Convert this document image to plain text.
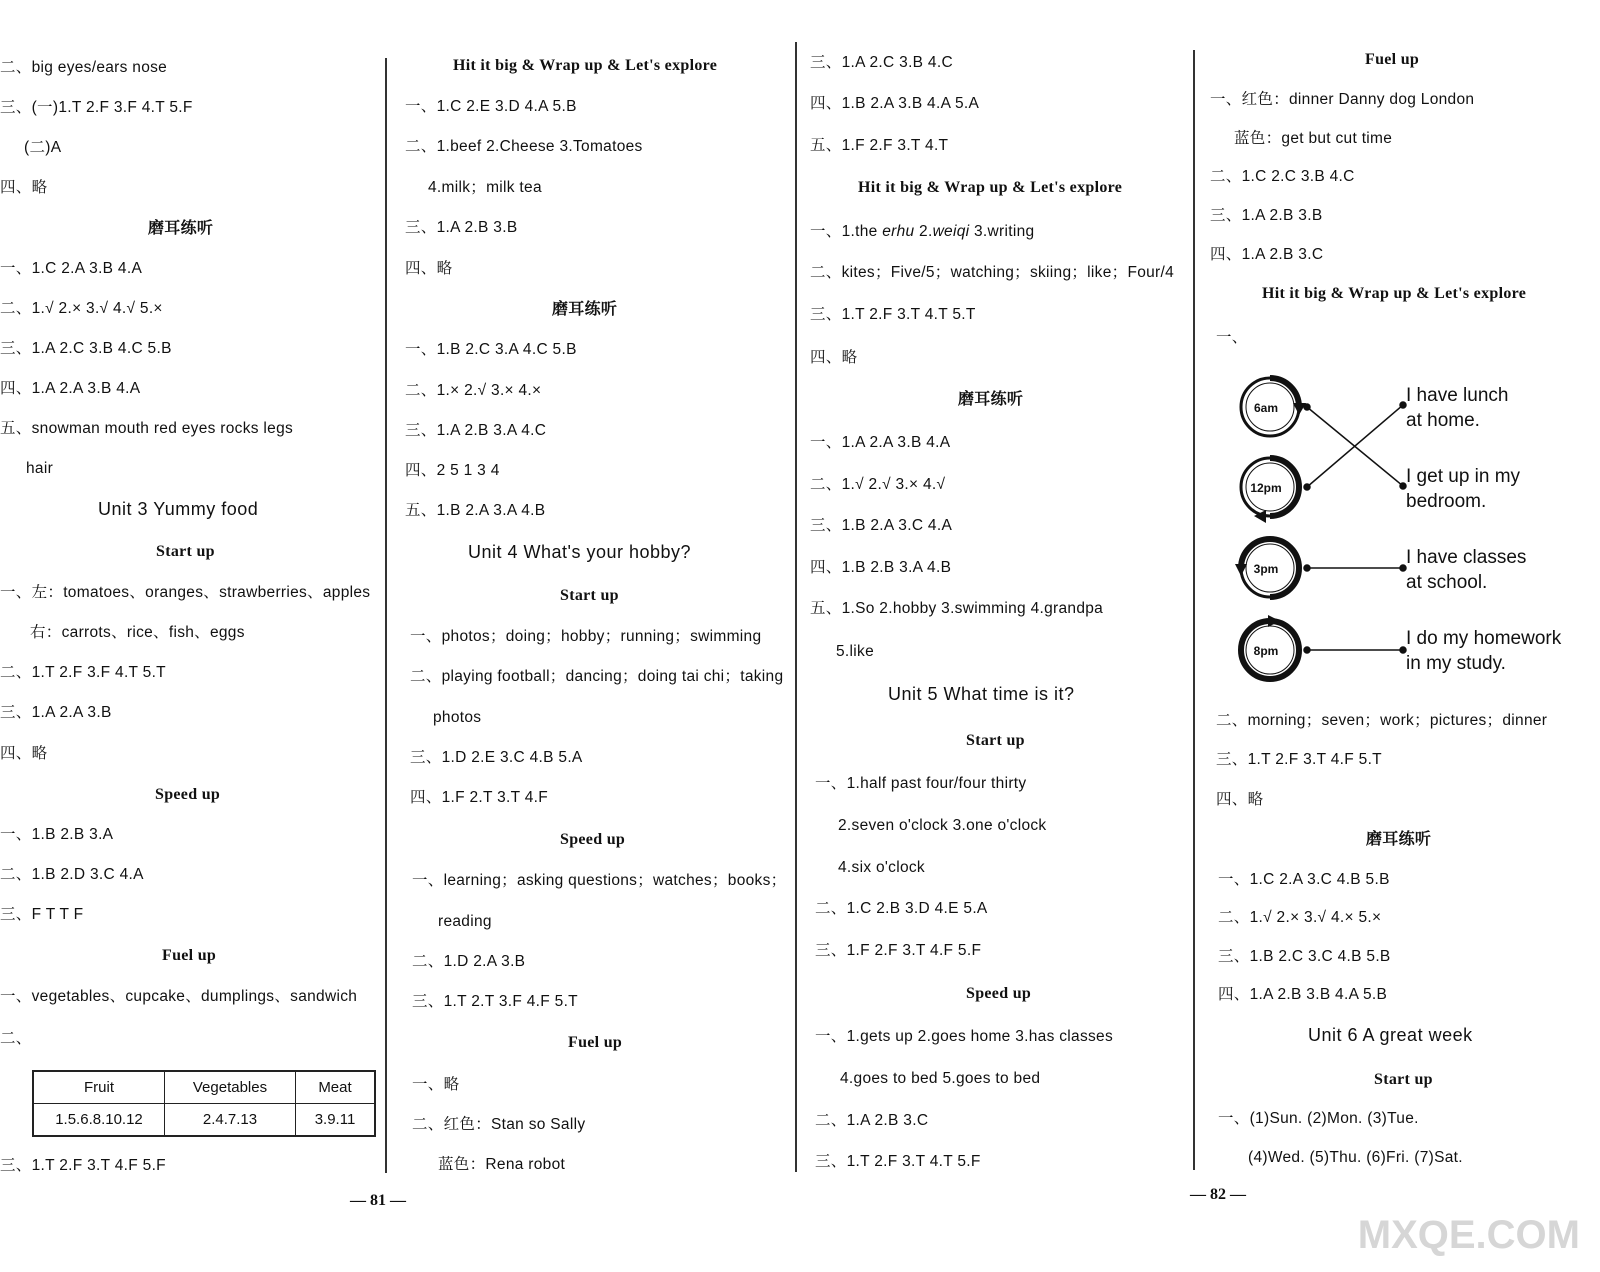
二、big eyes/ears nose
三、(一)1.T 2.F 3.F 4.T 5.F
(二)A
四、略
磨耳练听
一、1.C 2.A 3.B 4.A
二、1.√ 2.× 3.√ 4.√ 5.×
三、1.A 2.C 3.B 4.C 5.B
四、1.A 2.A 3.B 4.A
五、snowman mouth red eyes rocks legs
hair
Unit 3 Yummy food
Start up
一、左：tomatoes、oranges、strawberries、apples
右：carrots、rice、fish、eggs
二、1.T 2.F 3.F 4.T 5.T
三、1.A 2.A 3.B
四、略
Speed up
一、1.B 2.B 3.A
二、1.B 2.D 3.C 4.A
三、F T T F
Fuel up
一、vegetables、cupcake、dumplings、sandwich
二、
Fruit	Vegetables	Meat
1.5.6.8.10.12	2.4.7.13	3.9.11
三、1.T 2.F 3.T 4.F 5.F
Hit it big & Wrap up & Let's explore
一、1.C 2.E 3.D 4.A 5.B
二、1.beef 2.Cheese 3.Tomatoes
4.milk；milk tea
三、1.A 2.B 3.B
四、略
磨耳练听
一、1.B 2.C 3.A 4.C 5.B
二、1.× 2.√ 3.× 4.×
三、1.A 2.B 3.A 4.C
四、2 5 1 3 4
五、1.B 2.A 3.A 4.B
Unit 4 What's your hobby?
Start up
一、photos；doing；hobby；running；swimming
二、playing football；dancing；doing tai chi；taking
photos
三、1.D 2.E 3.C 4.B 5.A
四、1.F 2.T 3.T 4.F
Speed up
一、learning；asking questions；watches；books；
reading
二、1.D 2.A 3.B
三、1.T 2.T 3.F 4.F 5.T
Fuel up
一、略
二、红色：Stan so Sally
蓝色：Rena robot
— 81 —
三、1.A 2.C 3.B 4.C
四、1.B 2.A 3.B 4.A 5.A
五、1.F 2.F 3.T 4.T
Hit it big & Wrap up & Let's explore
一、1.the erhu 2.weiqi 3.writing
二、kites；Five/5；watching；skiing；like；Four/4
三、1.T 2.F 3.T 4.T 5.T
四、略
磨耳练听
一、1.A 2.A 3.B 4.A
二、1.√ 2.√ 3.× 4.√
三、1.B 2.A 3.C 4.A
四、1.B 2.B 3.A 4.B
五、1.So 2.hobby 3.swimming 4.grandpa
5.like
Unit 5 What time is it?
Start up
一、1.half past four/four thirty
2.seven o'clock 3.one o'clock
4.six o'clock
二、1.C 2.B 3.D 4.E 5.A
三、1.F 2.F 3.T 4.F 5.F
Speed up
一、1.gets up 2.goes home 3.has classes
4.goes to bed 5.goes to bed
二、1.A 2.B 3.C
三、1.T 2.F 3.T 4.T 5.F
Fuel up
一、红色：dinner Danny dog London
蓝色：get but cut time
二、1.C 2.C 3.B 4.C
三、1.A 2.B 3.B
四、1.A 2.B 3.C
Hit it big & Wrap up & Let's explore
一、
6am
12pm
3pm
8pm
I have lunch
at home.
I get up in my
bedroom.
I have classes
at school.
I do my homework
in my study.
二、morning；seven；work；pictures；dinner
三、1.T 2.F 3.T 4.F 5.T
四、略
磨耳练听
一、1.C 2.A 3.C 4.B 5.B
二、1.√ 2.× 3.√ 4.× 5.×
三、1.B 2.C 3.C 4.B 5.B
四、1.A 2.B 3.B 4.A 5.B
Unit 6 A great week
Start up
一、(1)Sun. (2)Mon. (3)Tue.
(4)Wed. (5)Thu. (6)Fri. (7)Sat.
— 82 —
MXQE.COM
